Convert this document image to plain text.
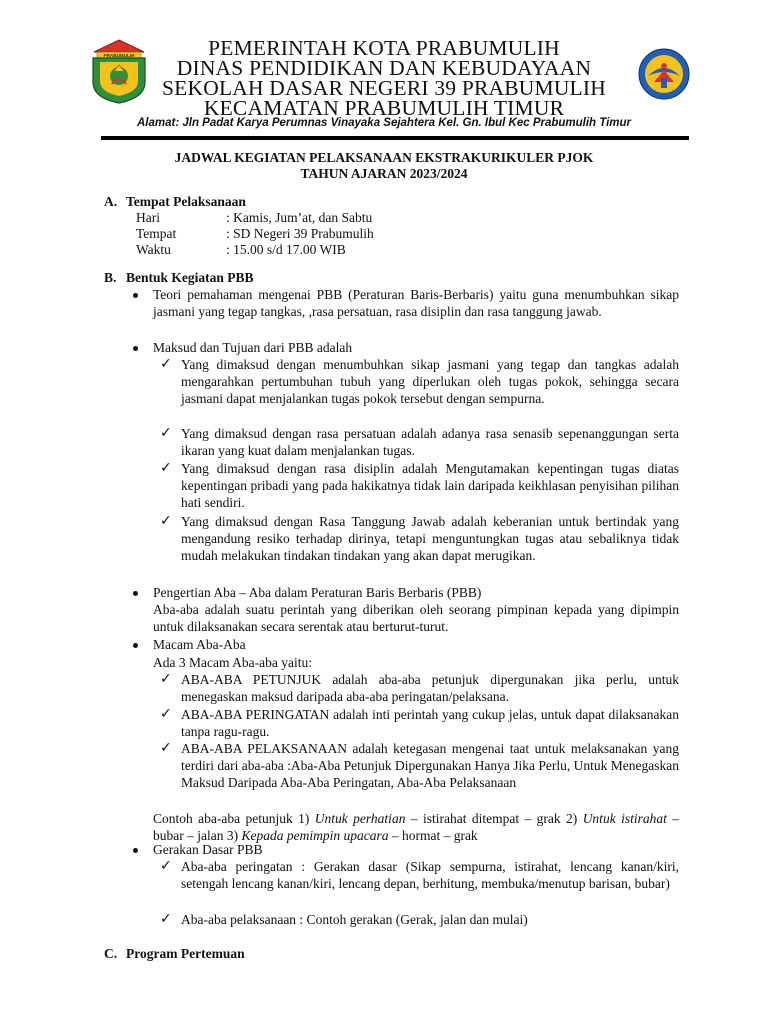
PRABUMULIH	PEMERINTAH KOTA PRABUMULIH
DINAS PENDIDIKAN DAN KEBUDAYAAN
SEKOLAH DASAR NEGERI 39 PRABUMULIH
KECAMATAN PRABUMULIH TIMUR
Alamat: Jln Padat Karya Perumnas Vinayaka Sejahtera Kel. Gn. Ibul Kec Prabumulih Timur
JADWAL KEGIATAN PELAKSANAAN EKSTRAKURIKULER PJOK
TAHUN AJARAN 2023/2024
A. Tempat Pelaksanaan
Hari	: Kamis, Jum’at, dan Sabtu
Tempat	: SD Negeri 39 Prabumulih
Waktu	: 15.00 s/d 17.00 WIB
B. Bentuk Kegiatan PBB
Teori pemahaman mengenai PBB (Peraturan Baris-Berbaris) yaitu guna menumbuhkan sikap jasmani yang tegap tangkas, ,rasa persatuan, rasa disiplin dan rasa tanggung jawab.
Maksud dan Tujuan dari PBB adalah
✓ Yang dimaksud dengan menumbuhkan sikap jasmani yang tegap dan tangkas adalah mengarahkan pertumbuhan tubuh yang diperlukan oleh tugas pokok, sehingga secara jasmani dapat menjalankan tugas pokok tersebut dengan sempurna.
✓ Yang dimaksud dengan rasa persatuan adalah adanya rasa senasib sepenanggungan serta ikaran yang kuat dalam menjalankan tugas.
✓ Yang dimaksud dengan rasa disiplin adalah Mengutamakan kepentingan tugas diatas kepentingan pribadi yang pada hakikatnya tidak lain daripada keikhlasan penyisihan pilihan hati sendiri.
✓ Yang dimaksud dengan Rasa Tanggung Jawab adalah keberanian untuk bertindak yang mengandung resiko terhadap dirinya, tetapi menguntungkan tugas atau sebaliknya tidak mudah melakukan tindakan tindakan yang akan dapat merugikan.
Pengertian Aba – Aba dalam Peraturan Baris Berbaris (PBB)
Aba-aba adalah suatu perintah yang diberikan oleh seorang pimpinan kepada yang dipimpin untuk dilaksanakan secara serentak atau berturut-turut.
Macam Aba-Aba
Ada 3 Macam Aba-aba yaitu:
✓ ABA-ABA PETUNJUK adalah aba-aba petunjuk dipergunakan jika perlu, untuk menegaskan maksud daripada aba-aba peringatan/pelaksana.
✓ ABA-ABA PERINGATAN adalah inti perintah yang cukup jelas, untuk dapat dilaksanakan tanpa ragu-ragu.
✓ ABA-ABA PELAKSANAAN adalah ketegasan mengenai taat untuk melaksanakan yang terdiri dari aba-aba :Aba-Aba Petunjuk Dipergunakan Hanya Jika Perlu, Untuk Menegaskan Maksud Daripada Aba-Aba Peringatan, Aba-Aba Pelaksanaan
Contoh aba-aba petunjuk 1) Untuk perhatian – istirahat ditempat – grak 2) Untuk istirahat – bubar – jalan 3) Kepada pemimpin upacara – hormat – grak
Gerakan Dasar PBB
✓ Aba-aba peringatan : Gerakan dasar (Sikap sempurna, istirahat, lencang kanan/kiri, setengah lencang kanan/kiri, lencang depan, berhitung, membuka/menutup barisan, bubar)
✓ Aba-aba pelaksanaan : Contoh gerakan (Gerak, jalan dan mulai)
C. Program Pertemuan
